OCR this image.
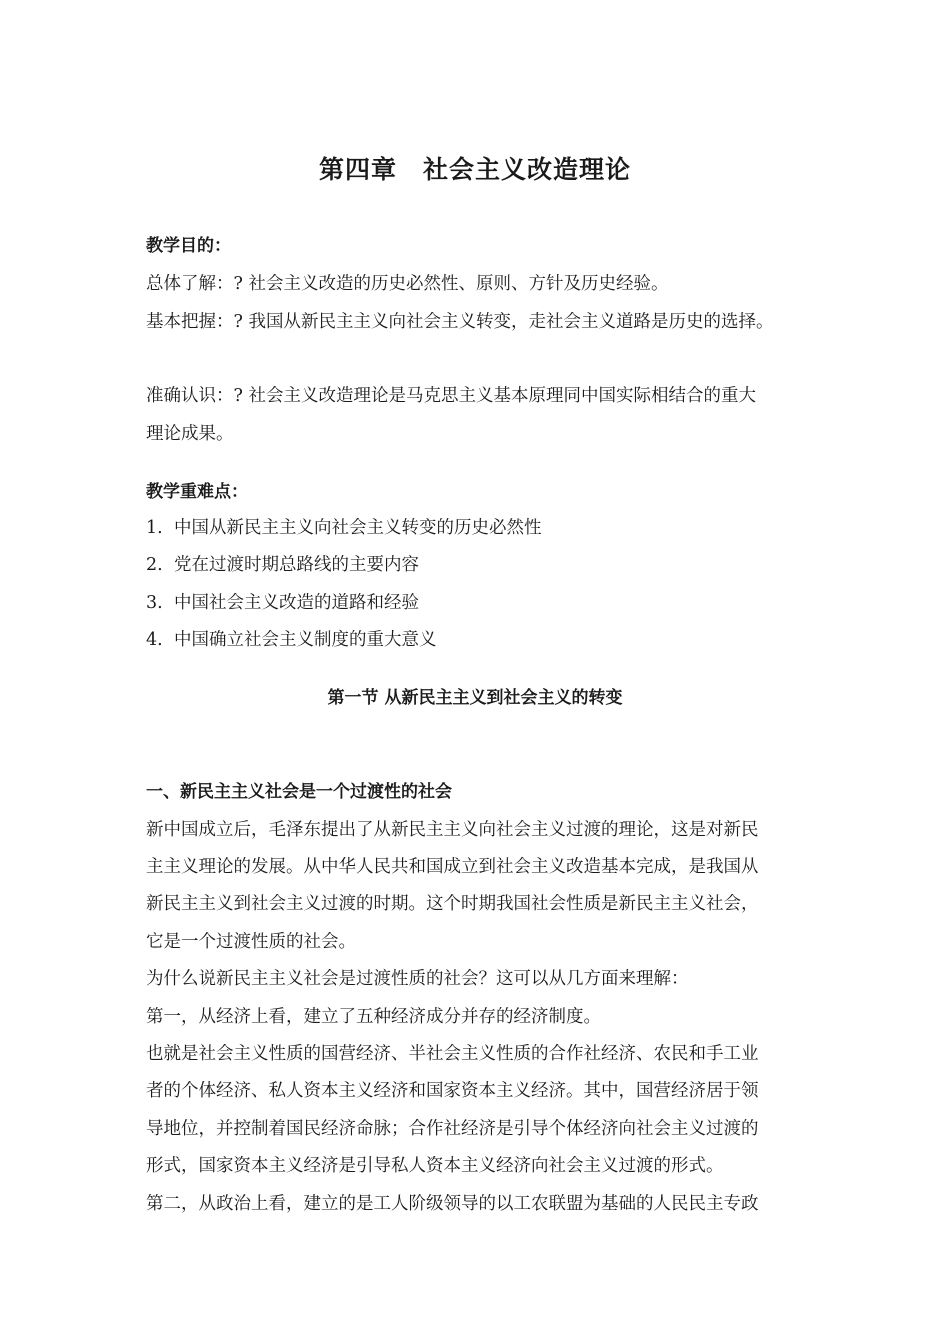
第四章　社会主义改造理论
教学目的：
总体了解：? 社会主义改造的历史必然性、原则、方针及历史经验。
基本把握：? 我国从新民主主义向社会主义转变，走社会主义道路是历史的选择。
准确认识：? 社会主义改造理论是马克思主义基本原理同中国实际相结合的重大
理论成果。
教学重难点：
1. 中国从新民主主义向社会主义转变的历史必然性
2. 党在过渡时期总路线的主要内容
3. 中国社会主义改造的道路和经验
4. 中国确立社会主义制度的重大意义
第一节 从新民主主义到社会主义的转变
一、新民主主义社会是一个过渡性的社会
新中国成立后，毛泽东提出了从新民主主义向社会主义过渡的理论，这是对新民
主主义理论的发展。从中华人民共和国成立到社会主义改造基本完成，是我国从
新民主主义到社会主义过渡的时期。这个时期我国社会性质是新民主主义社会，
它是一个过渡性质的社会。
为什么说新民主主义社会是过渡性质的社会？这可以从几方面来理解：
第一，从经济上看，建立了五种经济成分并存的经济制度。
也就是社会主义性质的国营经济、半社会主义性质的合作社经济、农民和手工业
者的个体经济、私人资本主义经济和国家资本主义经济。其中，国营经济居于领
导地位，并控制着国民经济命脉；合作社经济是引导个体经济向社会主义过渡的
形式，国家资本主义经济是引导私人资本主义经济向社会主义过渡的形式。
第二，从政治上看，建立的是工人阶级领导的以工农联盟为基础的人民民主专政
